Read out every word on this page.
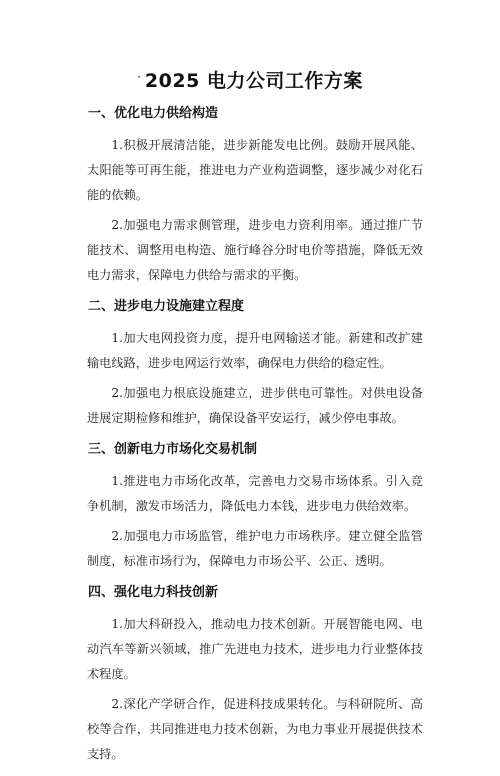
· 2025 电力公司工作方案
一、优化电力供给构造

1.积极开展清洁能，进步新能发电比例。鼓励开展风能、太阳能等可再生能，推进电力产业构造调整，逐步减少对化石能的依赖。

2.加强电力需求侧管理，进步电力资利用率。通过推广节能技术、调整用电构造、施行峰谷分时电价等措施，降低无效电力需求，保障电力供给与需求的平衡。

二、进步电力设施建立程度

1.加大电网投资力度，提升电网输送才能。新建和改扩建输电线路，进步电网运行效率，确保电力供给的稳定性。

2.加强电力根底设施建立，进步供电可靠性。对供电设备进展定期检修和维护，确保设备平安运行，减少停电事故。

三、创新电力市场化交易机制

1.推进电力市场化改革，完善电力交易市场体系。引入竞争机制，激发市场活力，降低电力本钱，进步电力供给效率。

2.加强电力市场监管，维护电力市场秩序。建立健全监管制度，标准市场行为，保障电力市场公平、公正、透明。

四、强化电力科技创新

1.加大科研投入，推动电力技术创新。开展智能电网、电动汽车等新兴领域，推广先进电力技术，进步电力行业整体技术程度。

2.深化产学研合作，促进科技成果转化。与科研院所、高校等合作，共同推进电力技术创新，为电力事业开展提供技术支持。
